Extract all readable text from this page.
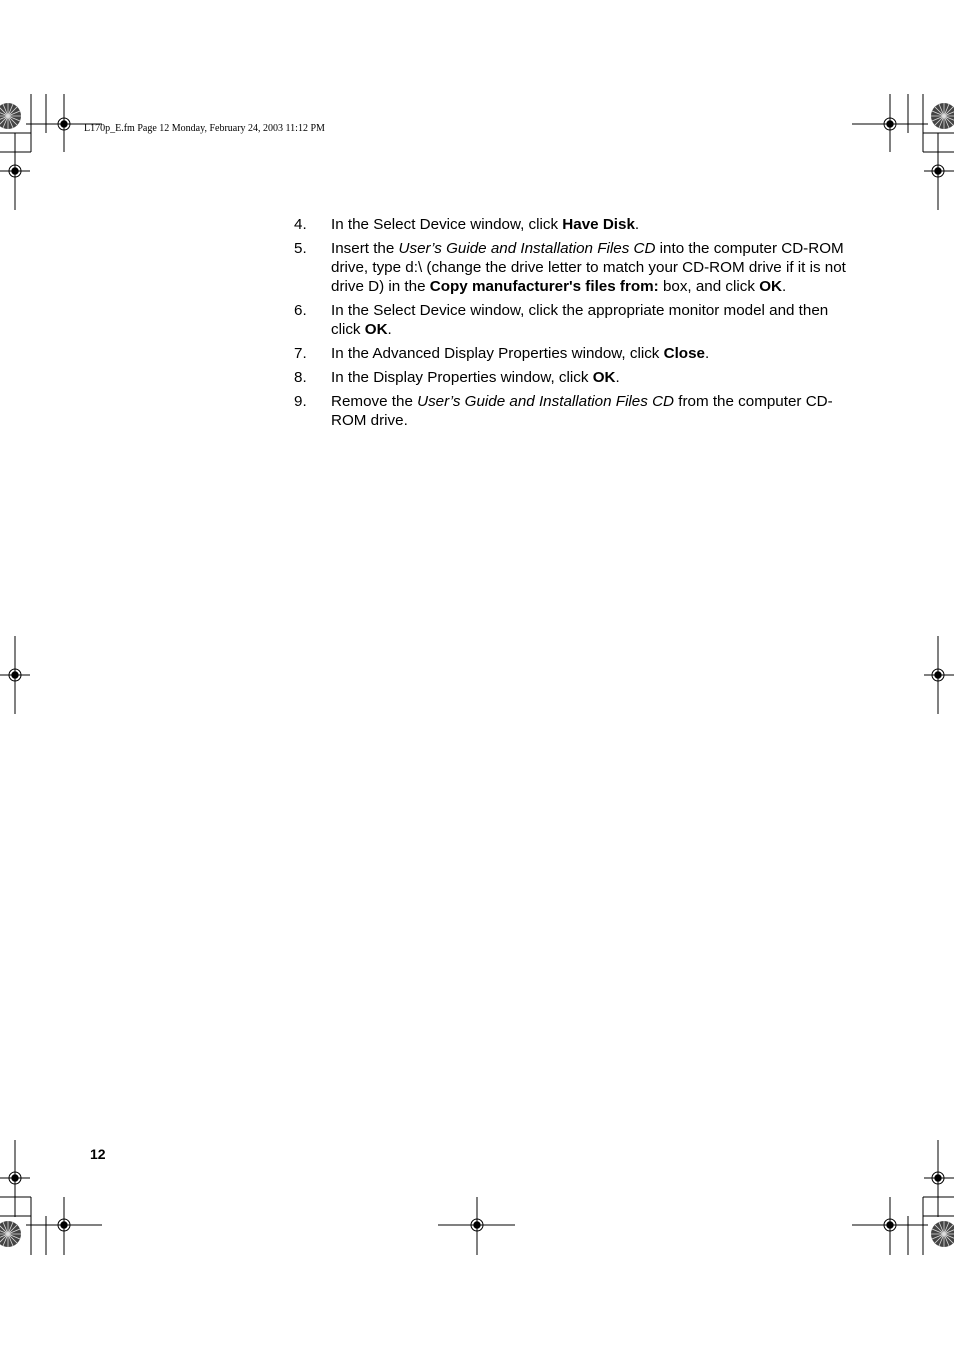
L170p_E.fm Page 12 Monday, February 24, 2003 11:12 PM
4.	In the Select Device window, click Have Disk.
5.	Insert the User’s Guide and Installation Files CD into the computer CD-ROM drive, type d:\ (change the drive letter to match your CD-ROM drive if it is not drive D) in the Copy manufacturer's files from: box, and click OK.
6.	In the Select Device window, click the appropriate monitor model and then click OK.
7.	In the Advanced Display Properties window, click Close.
8.	In the Display Properties window, click OK.
9.	Remove the User’s Guide and Installation Files CD from the computer CD-ROM drive.
12
